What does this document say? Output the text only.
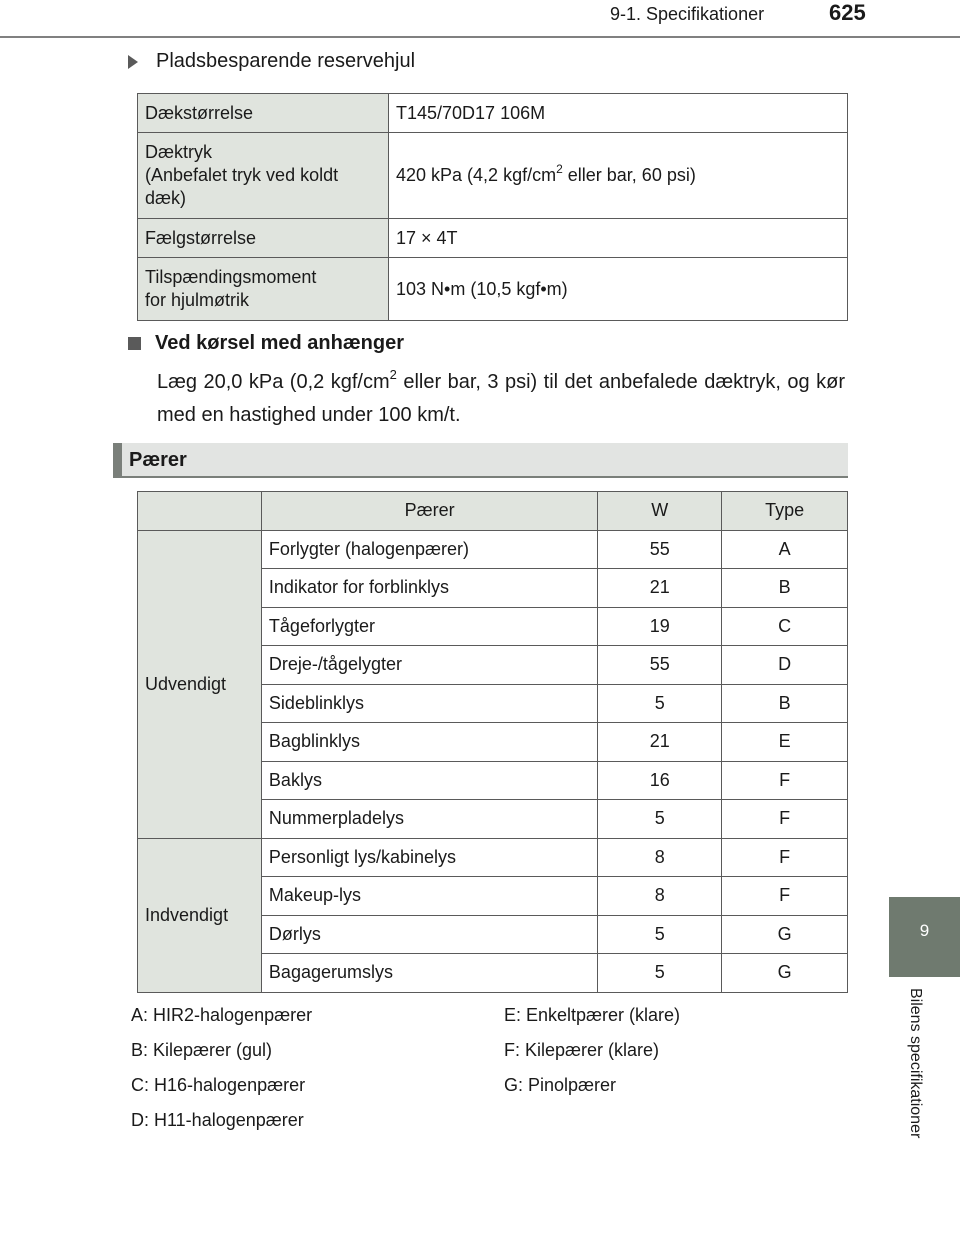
9-1. Specifikationer	625
9
Bilens specifikationer
Pladsbesparende reservehjul
Dækstørrelse	T145/70D17 106M
Dæktryk
(Anbefalet tryk ved koldt dæk)	420 kPa (4,2 kgf/$cm^2$ eller bar, 60 psi)
Fælgstørrelse	17 × 4T
Tilspændingsmoment
for hjulmøtrik	103 N•m (10,5 kgf•m)
Ved kørsel med anhænger
Læg 20,0 kPa (0,2 kgf/$cm^2$ eller bar, 3 psi) til det anbefalede dæktryk, og kør med en hastighed under 100 km/t.
Pærer
	Pærer	W	Type
Udvendigt	Forlygter (halogenpærer)	55	A
	Indikator for forblinklys	21	B
	Tågeforlygter	19	C
	Dreje-/tågelygter	55	D
	Sideblinklys	5	B
	Bagblinklys	21	E
	Baklys	16	F
	Nummerpladelys	5	F
Indvendigt	Personligt lys/kabinelys	8	F
	Makeup-lys	8	F
	Dørlys	5	G
	Bagagerumslys	5	G
A: HIR2-halogenpærer
B: Kilepærer (gul)
C: H16-halogenpærer
D: H11-halogenpærer
E: Enkeltpærer (klare)
F: Kilepærer (klare)
G: Pinolpærer
